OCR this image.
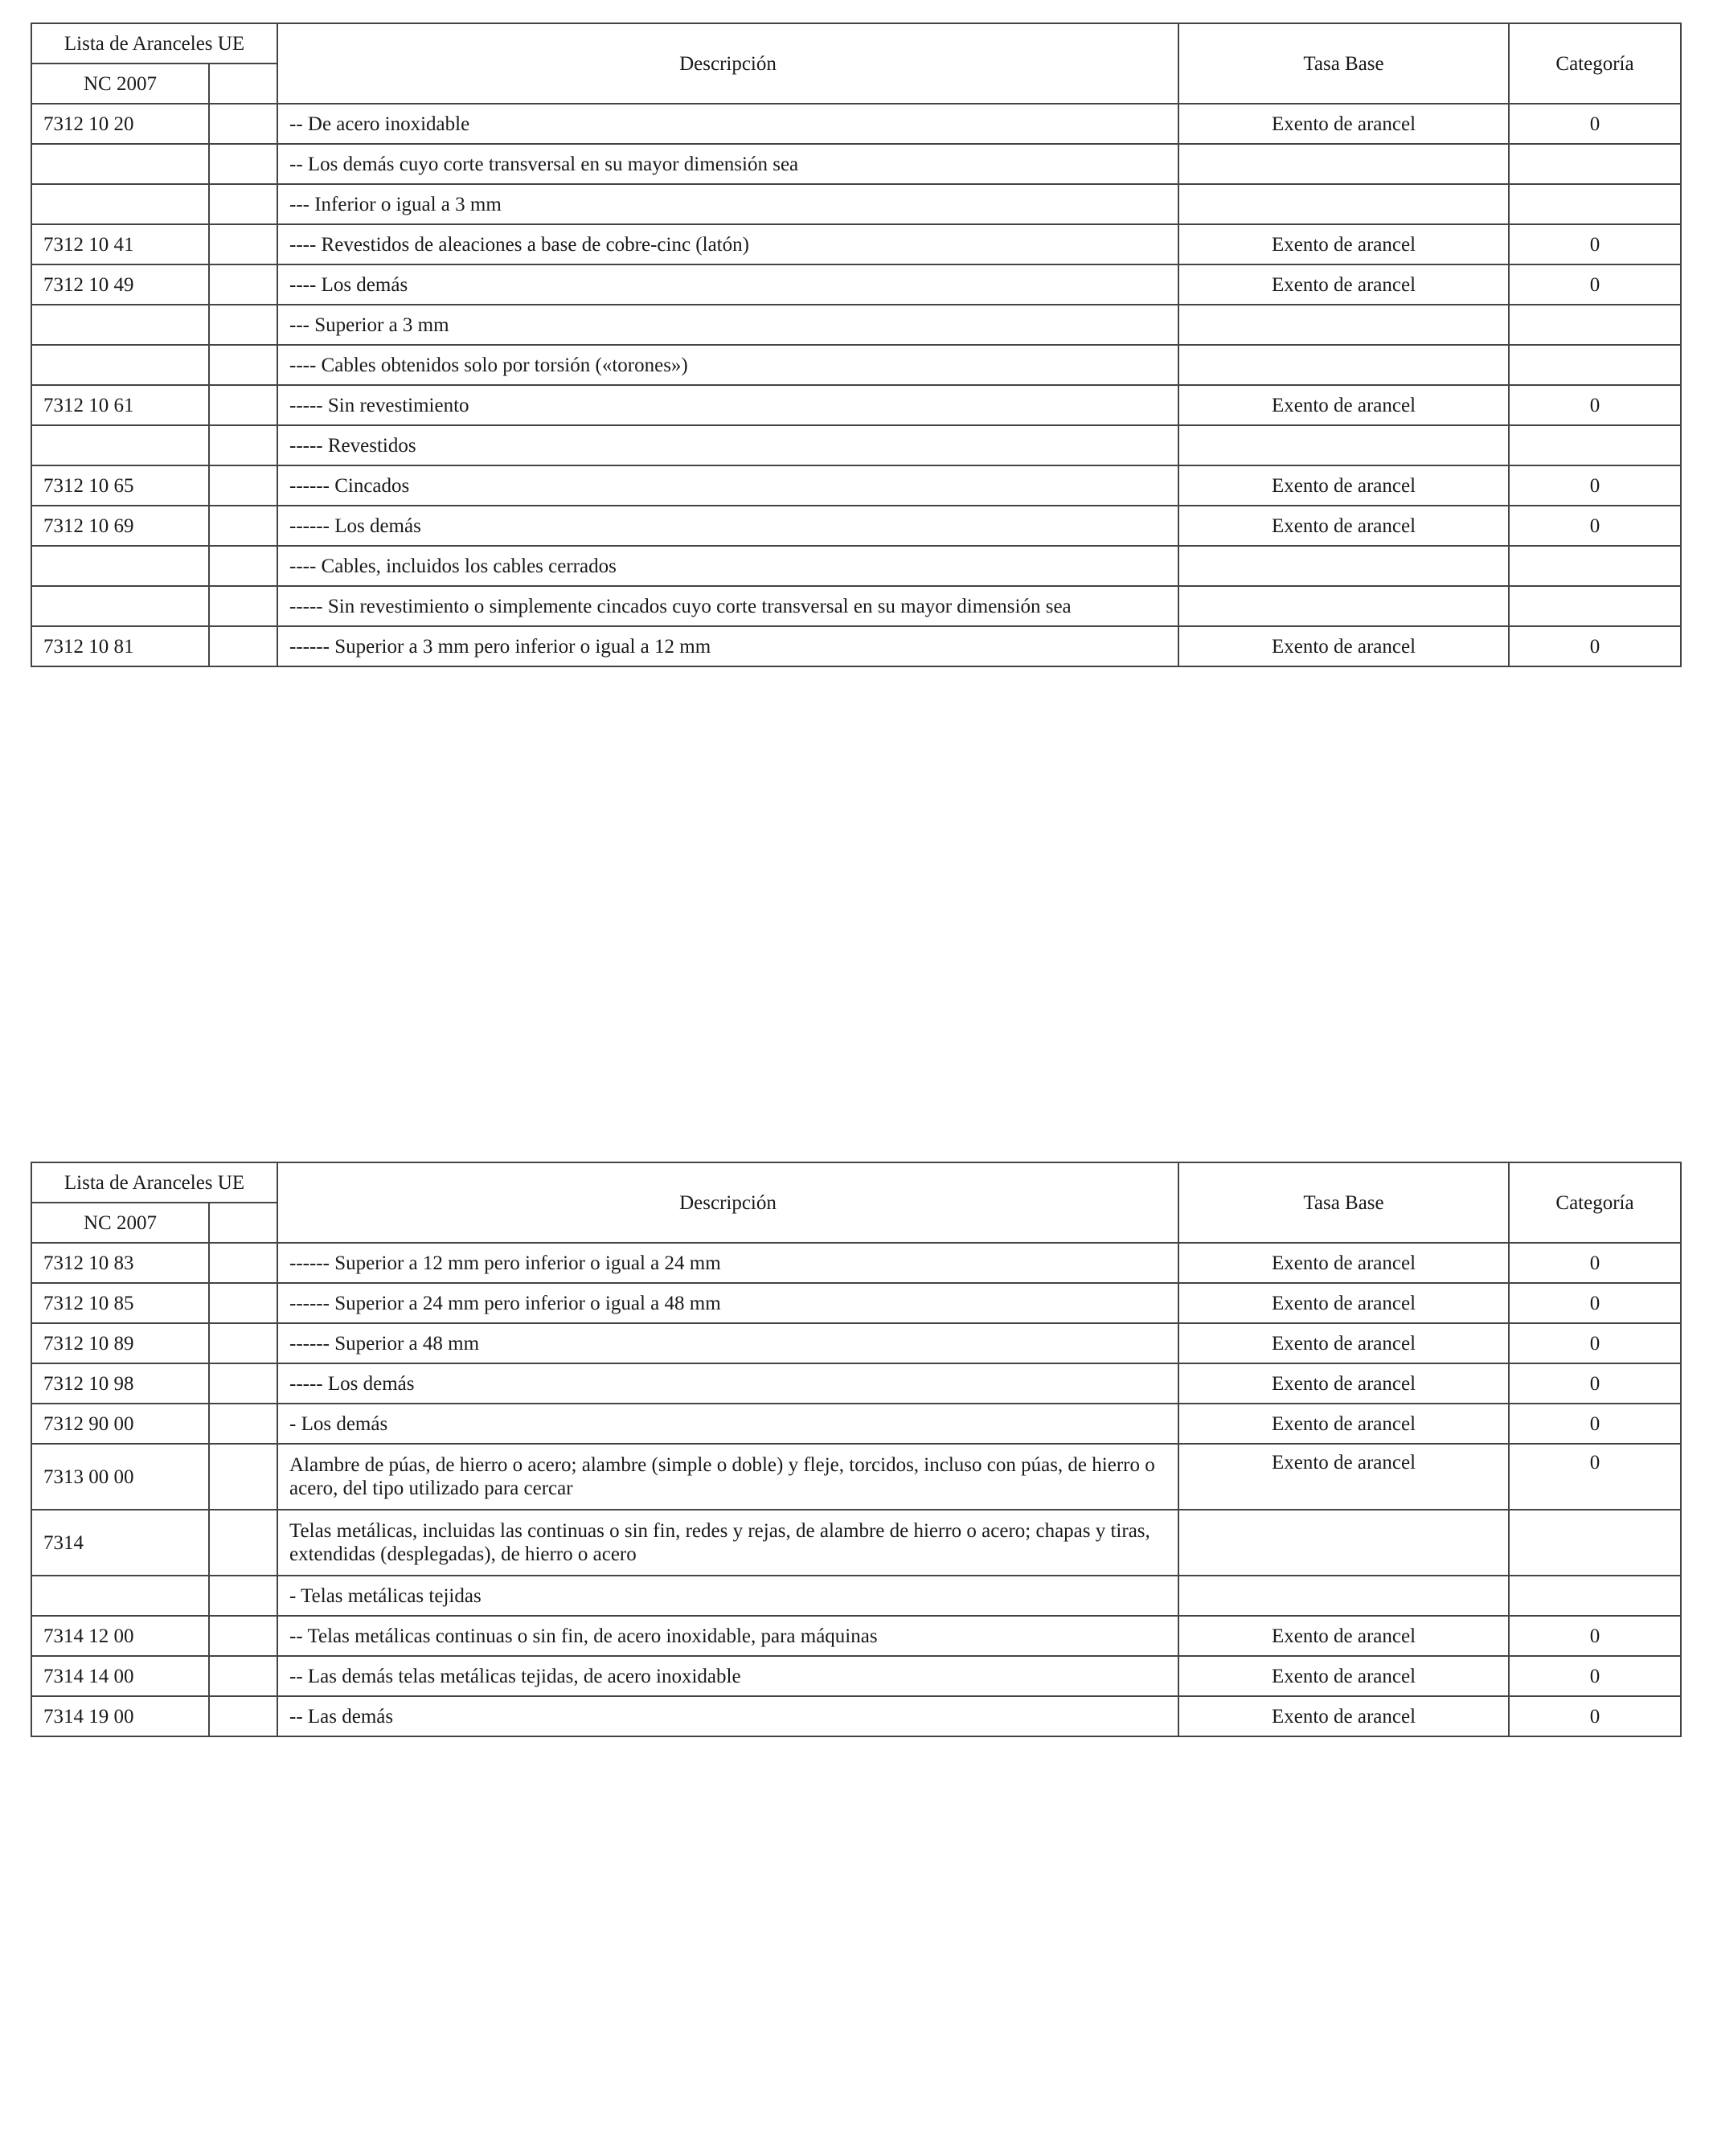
Lista de Aranceles UE		Descripción	Tasa Base	Categoría
NC 2007				
7312 10 20		-- De acero inoxidable	Exento de arancel	0
		-- Los demás cuyo corte transversal en su mayor dimensión sea		
		--- Inferior o igual a 3 mm		
7312 10 41		---- Revestidos de aleaciones a base de cobre-cinc (latón)	Exento de arancel	0
7312 10 49		---- Los demás	Exento de arancel	0
		--- Superior a 3 mm		
		---- Cables obtenidos solo por torsión («torones»)		
7312 10 61		----- Sin revestimiento	Exento de arancel	0
		----- Revestidos		
7312 10 65		------ Cincados	Exento de arancel	0
7312 10 69		------ Los demás	Exento de arancel	0
		---- Cables, incluidos los cables cerrados		
		----- Sin revestimiento o simplemente cincados cuyo corte transversal en su mayor dimensión sea		
7312 10 81		------ Superior a 3 mm pero inferior o igual a 12 mm	Exento de arancel	0
Lista de Aranceles UE		Descripción	Tasa Base	Categoría
NC 2007				
7312 10 83		------ Superior a 12 mm pero inferior o igual a 24 mm	Exento de arancel	0
7312 10 85		------ Superior a 24 mm pero inferior o igual a 48 mm	Exento de arancel	0
7312 10 89		------ Superior a 48 mm	Exento de arancel	0
7312 10 98		----- Los demás	Exento de arancel	0
7312 90 00		- Los demás	Exento de arancel	0
7313 00 00		Alambre de púas, de hierro o acero; alambre (simple o doble) y fleje, torcidos, incluso con púas, de hierro o acero, del tipo utilizado para cercar	Exento de arancel	0
7314		Telas metálicas, incluidas las continuas o sin fin, redes y rejas, de alambre de hierro o acero; chapas y tiras, extendidas (desplegadas), de hierro o acero		
		- Telas metálicas tejidas		
7314 12 00		-- Telas metálicas continuas o sin fin, de acero inoxidable, para máquinas	Exento de arancel	0
7314 14 00		-- Las demás telas metálicas tejidas, de acero inoxidable	Exento de arancel	0
7314 19 00		-- Las demás	Exento de arancel	0
